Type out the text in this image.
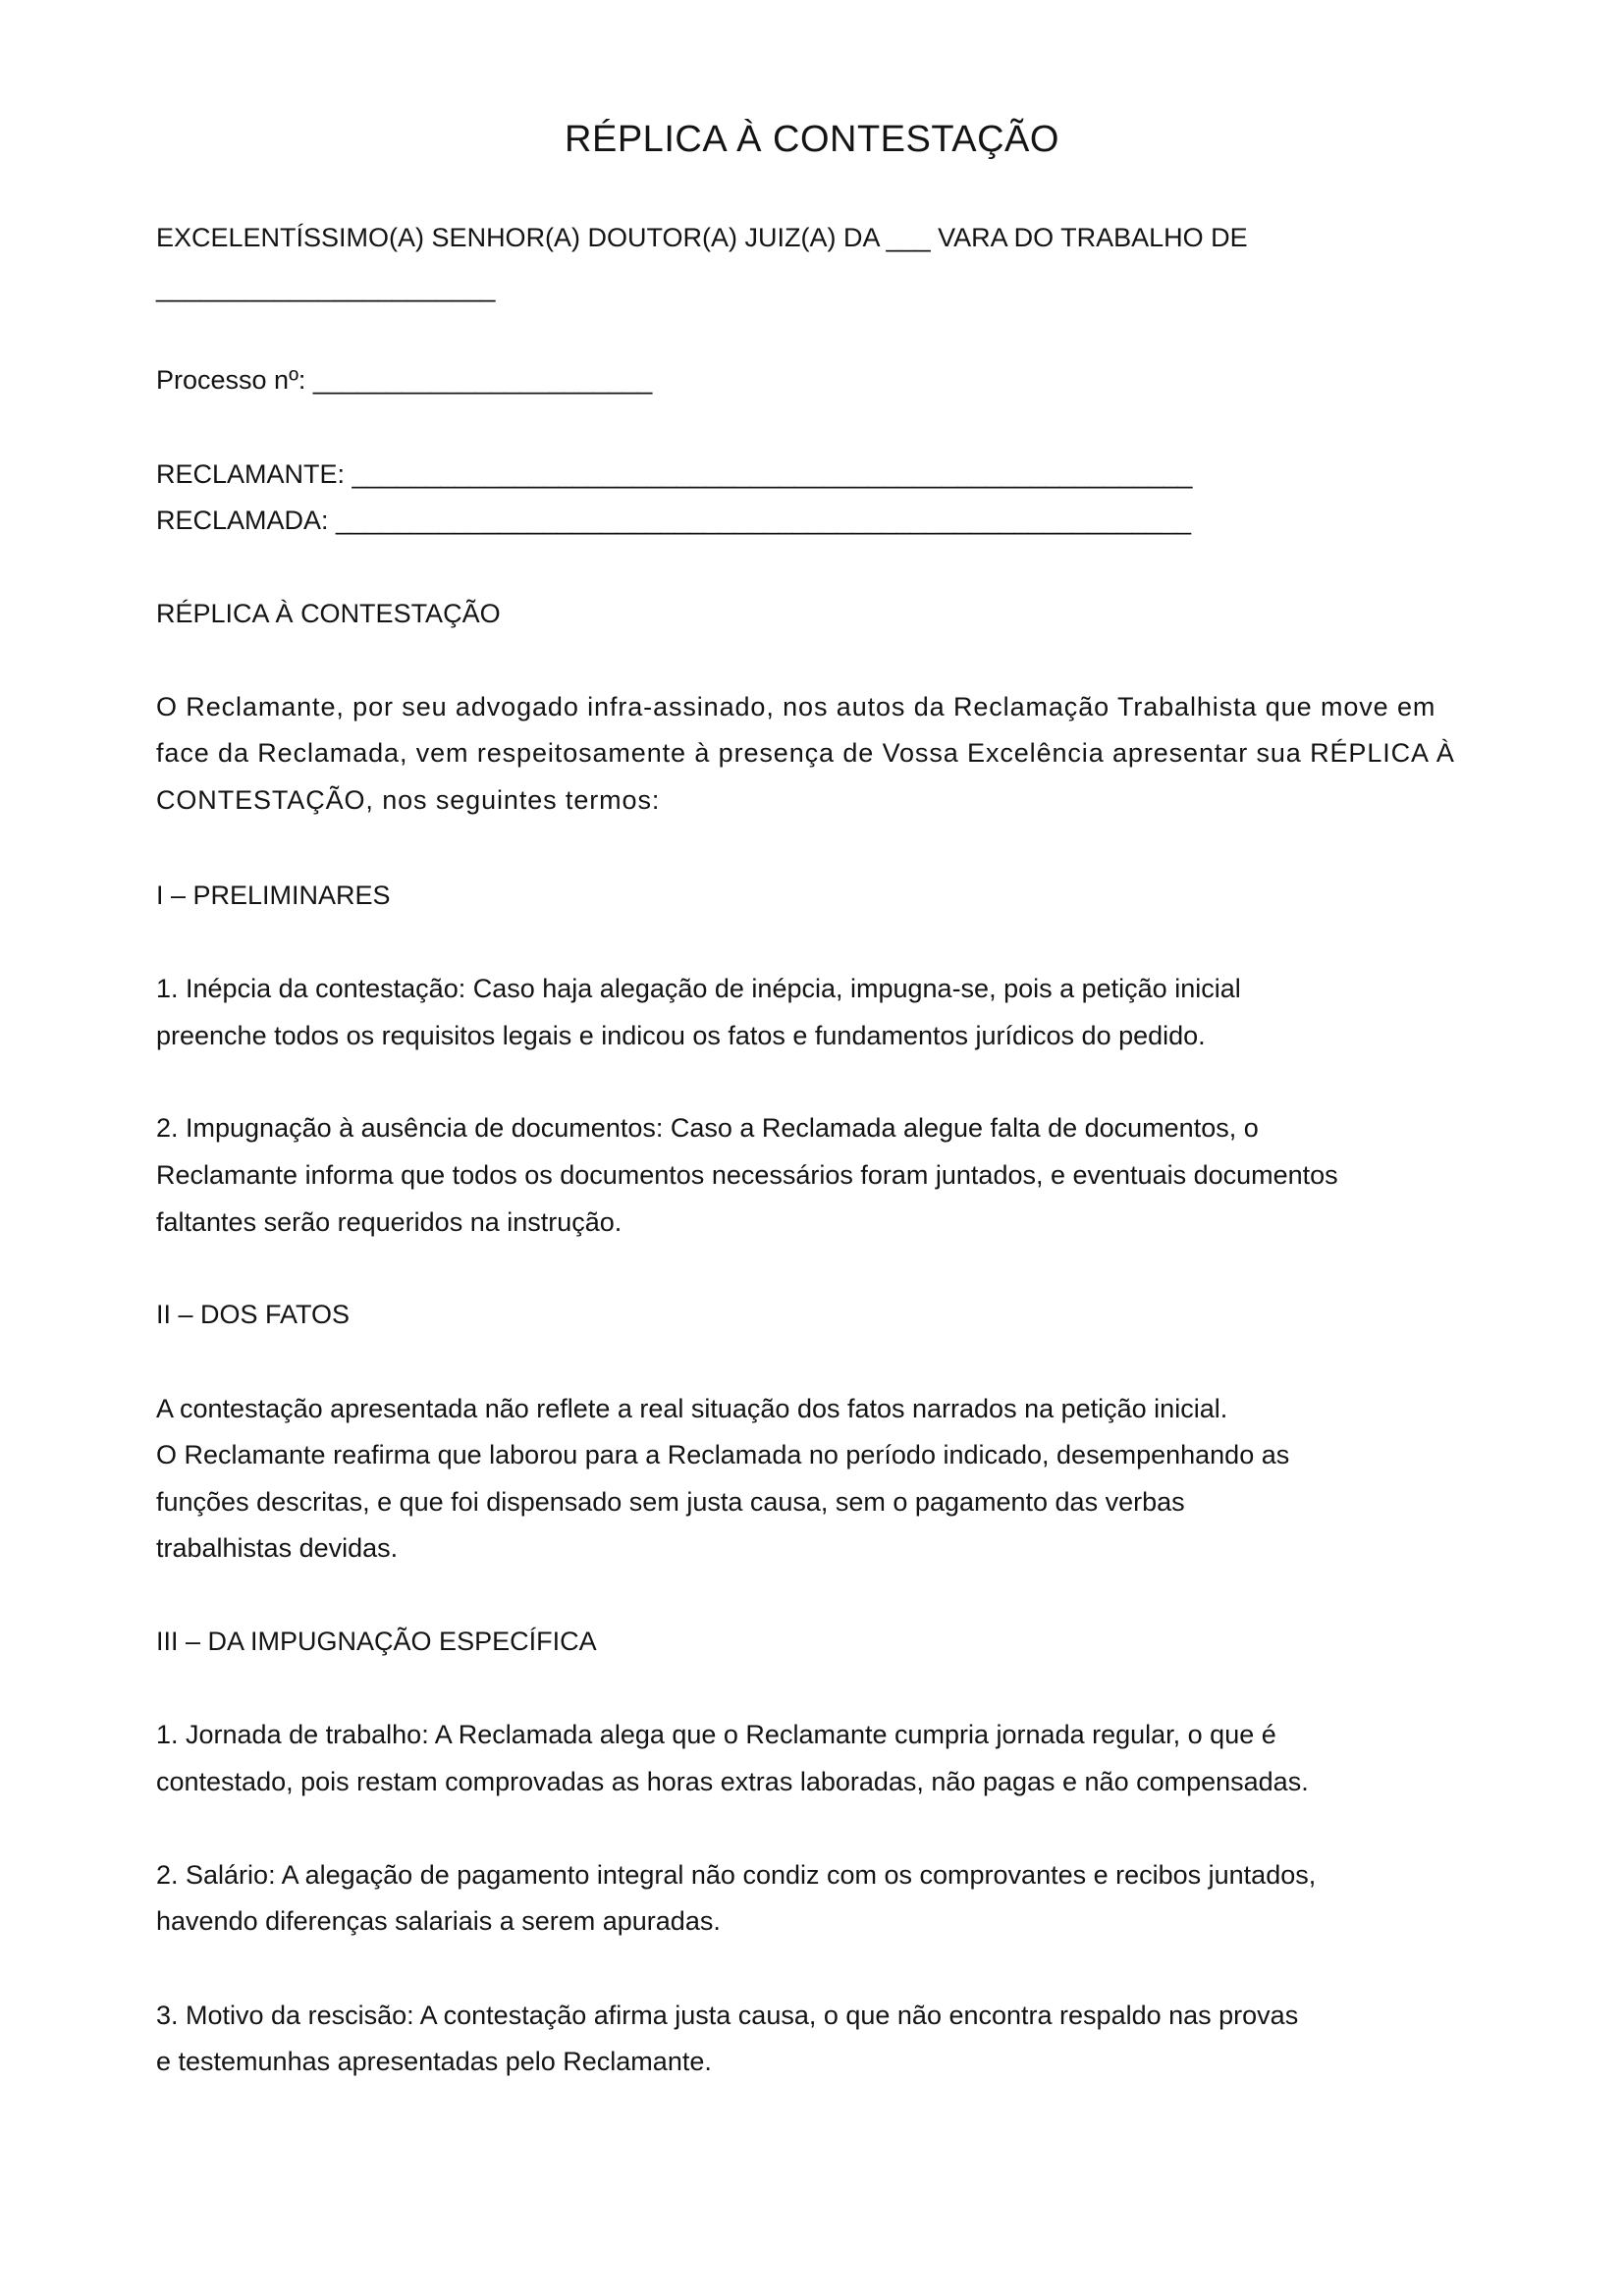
RÉPLICA À CONTESTAÇÃO
EXCELENTÍSSIMO(A) SENHOR(A) DOUTOR(A) JUIZ(A) DA ___ VARA DO TRABALHO DE
_______________________
Processo nº: _______________________
RECLAMANTE: _________________________________________________________
RECLAMADA: __________________________________________________________
RÉPLICA À CONTESTAÇÃO
O Reclamante, por seu advogado infra-assinado, nos autos da Reclamação Trabalhista que move em
face da Reclamada, vem respeitosamente à presença de Vossa Excelência apresentar sua RÉPLICA À
CONTESTAÇÃO, nos seguintes termos:
I – PRELIMINARES
1. Inépcia da contestação: Caso haja alegação de inépcia, impugna-se, pois a petição inicial
preenche todos os requisitos legais e indicou os fatos e fundamentos jurídicos do pedido.
2. Impugnação à ausência de documentos: Caso a Reclamada alegue falta de documentos, o
Reclamante informa que todos os documentos necessários foram juntados, e eventuais documentos
faltantes serão requeridos na instrução.
II – DOS FATOS
A contestação apresentada não reflete a real situação dos fatos narrados na petição inicial.
O Reclamante reafirma que laborou para a Reclamada no período indicado, desempenhando as
funções descritas, e que foi dispensado sem justa causa, sem o pagamento das verbas
trabalhistas devidas.
III – DA IMPUGNAÇÃO ESPECÍFICA
1. Jornada de trabalho: A Reclamada alega que o Reclamante cumpria jornada regular, o que é
contestado, pois restam comprovadas as horas extras laboradas, não pagas e não compensadas.
2. Salário: A alegação de pagamento integral não condiz com os comprovantes e recibos juntados,
havendo diferenças salariais a serem apuradas.
3. Motivo da rescisão: A contestação afirma justa causa, o que não encontra respaldo nas provas
e testemunhas apresentadas pelo Reclamante.
